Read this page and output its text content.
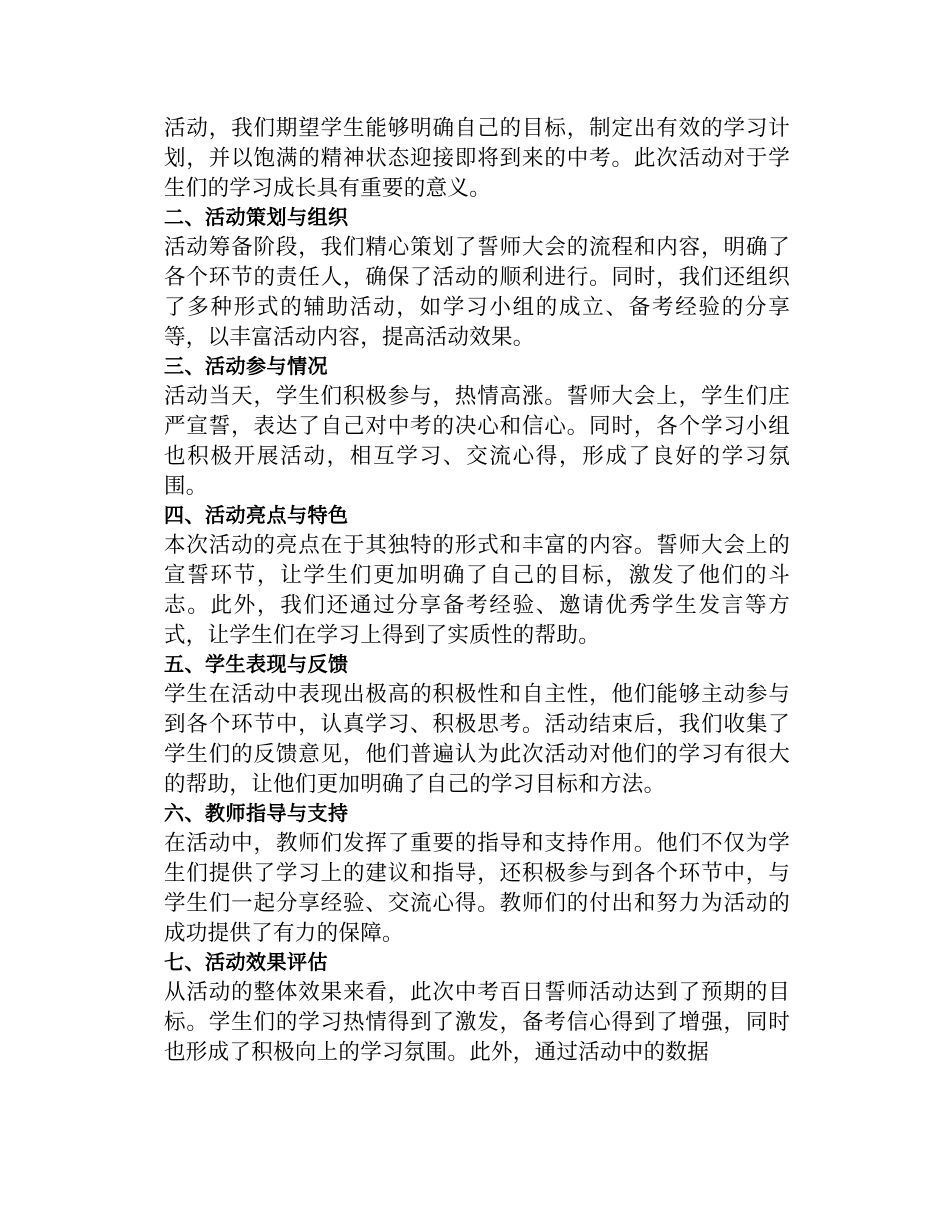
活动，我们期望学生能够明确自己的目标，制定出有效的学习计划，并以饱满的精神状态迎接即将到来的中考。此次活动对于学生们的学习成长具有重要的意义。

二、活动策划与组织

活动筹备阶段，我们精心策划了誓师大会的流程和内容，明确了各个环节的责任人，确保了活动的顺利进行。同时，我们还组织了多种形式的辅助活动，如学习小组的成立、备考经验的分享等，以丰富活动内容，提高活动效果。

三、活动参与情况

活动当天，学生们积极参与，热情高涨。誓师大会上，学生们庄严宣誓，表达了自己对中考的决心和信心。同时，各个学习小组也积极开展活动，相互学习、交流心得，形成了良好的学习氛围。

四、活动亮点与特色

本次活动的亮点在于其独特的形式和丰富的内容。誓师大会上的宣誓环节，让学生们更加明确了自己的目标，激发了他们的斗志。此外，我们还通过分享备考经验、邀请优秀学生发言等方式，让学生们在学习上得到了实质性的帮助。

五、学生表现与反馈

学生在活动中表现出极高的积极性和自主性，他们能够主动参与到各个环节中，认真学习、积极思考。活动结束后，我们收集了学生们的反馈意见，他们普遍认为此次活动对他们的学习有很大的帮助，让他们更加明确了自己的学习目标和方法。

六、教师指导与支持

在活动中，教师们发挥了重要的指导和支持作用。他们不仅为学生们提供了学习上的建议和指导，还积极参与到各个环节中，与学生们一起分享经验、交流心得。教师们的付出和努力为活动的成功提供了有力的保障。

七、活动效果评估

从活动的整体效果来看，此次中考百日誓师活动达到了预期的目标。学生们的学习热情得到了激发，备考信心得到了增强，同时也形成了积极向上的学习氛围。此外，通过活动中的数据
